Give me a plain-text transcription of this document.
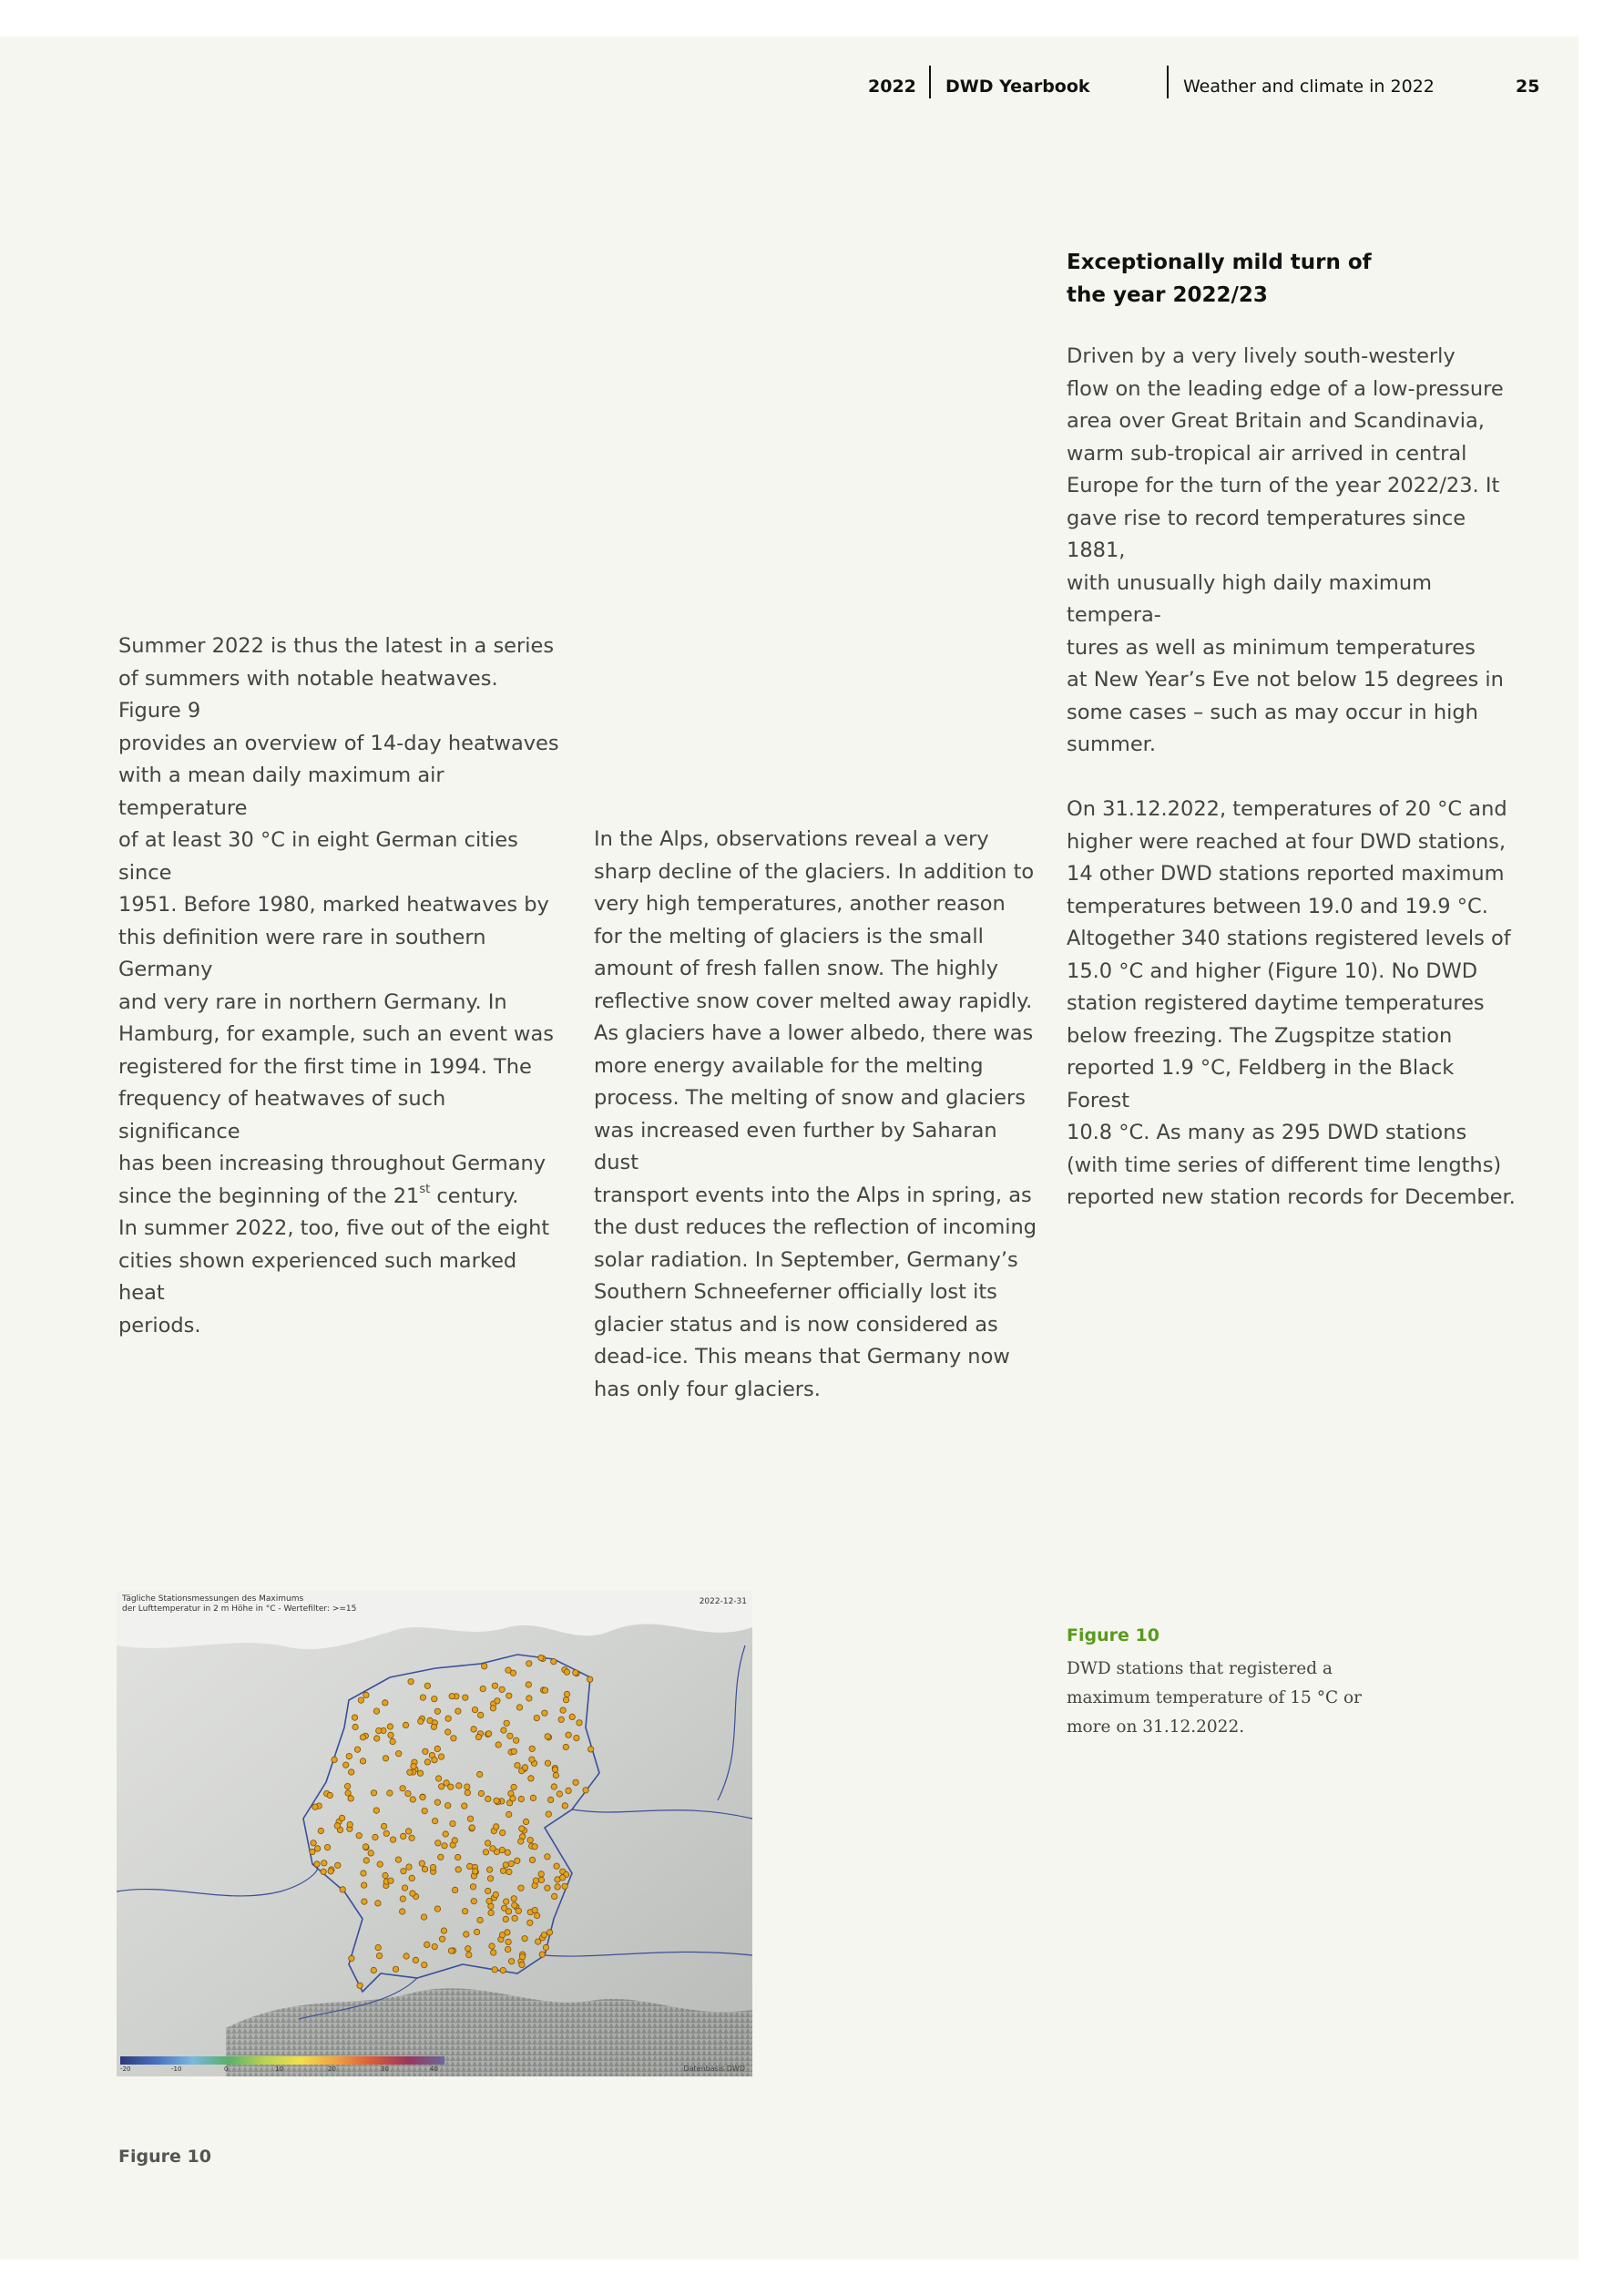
2022 DWD Yearbook	Weather and climate in 2022	25
Summer 2022 is thus the latest in a series
of summers with notable heatwaves. Figure 9
provides an overview of 14-day heatwaves
with a mean daily maximum air temperature
of at least 30 °C in eight German cities since
1951. Before 1980, marked heatwaves by
this definition were rare in southern Germany
and very rare in northern Germany. In
Hamburg, for example, such an event was
registered for the first time in 1994. The
frequency of heatwaves of such significance
has been increasing throughout Germany
since the beginning of the 21st century.
In summer 2022, too, five out of the eight
cities shown experienced such marked heat
periods.
In the Alps, observations reveal a very
sharp decline of the glaciers. In addition to
very high temperatures, another reason
for the melting of glaciers is the small
amount of fresh fallen snow. The highly
reflective snow cover melted away rapidly.
As glaciers have a lower albedo, there was
more energy available for the melting
process. The melting of snow and glaciers
was increased even further by Saharan dust
transport events into the Alps in spring, as
the dust reduces the reflection of incoming
solar radiation. In September, Germany’s
Southern Schneeferner officially lost its
glacier status and is now considered as
dead-ice. This means that Germany now
has only four glaciers.
Exceptionally mild turn of
the year 2022/23

Driven by a very lively south-westerly
flow on the leading edge of a low-pressure
area over Great Britain and Scandinavia,
warm sub-tropical air arrived in central
Europe for the turn of the year 2022/23. It
gave rise to record temperatures since 1881,
with unusually high daily maximum tempera-
tures as well as minimum temperatures
at New Year’s Eve not below 15 degrees in
some cases – such as may occur in high
summer.

On 31.12.2022, temperatures of 20 °C and
higher were reached at four DWD stations,
14 other DWD stations reported maximum
temperatures between 19.0 and 19.9 °C.
Altogether 340 stations registered levels of
15.0 °C and higher (Figure 10). No DWD
station registered daytime temperatures
below freezing. The Zugspitze station
reported 1.9 °C, Feldberg in the Black Forest
10.8 °C. As many as 295 DWD stations
(with time series of different time lengths)
reported new station records for December.

Tägliche Stationsmessungen des Maximums
der Lufttemperatur in 2 m Höhe in °C - Wertefilter: >=15
2022-12-31
Datenbasis DWD
-20	-10	0	10	20	30	40
Figure 10
Figure 10
DWD stations that registered a
maximum temperature of 15 °C or
more on 31.12.2022.
